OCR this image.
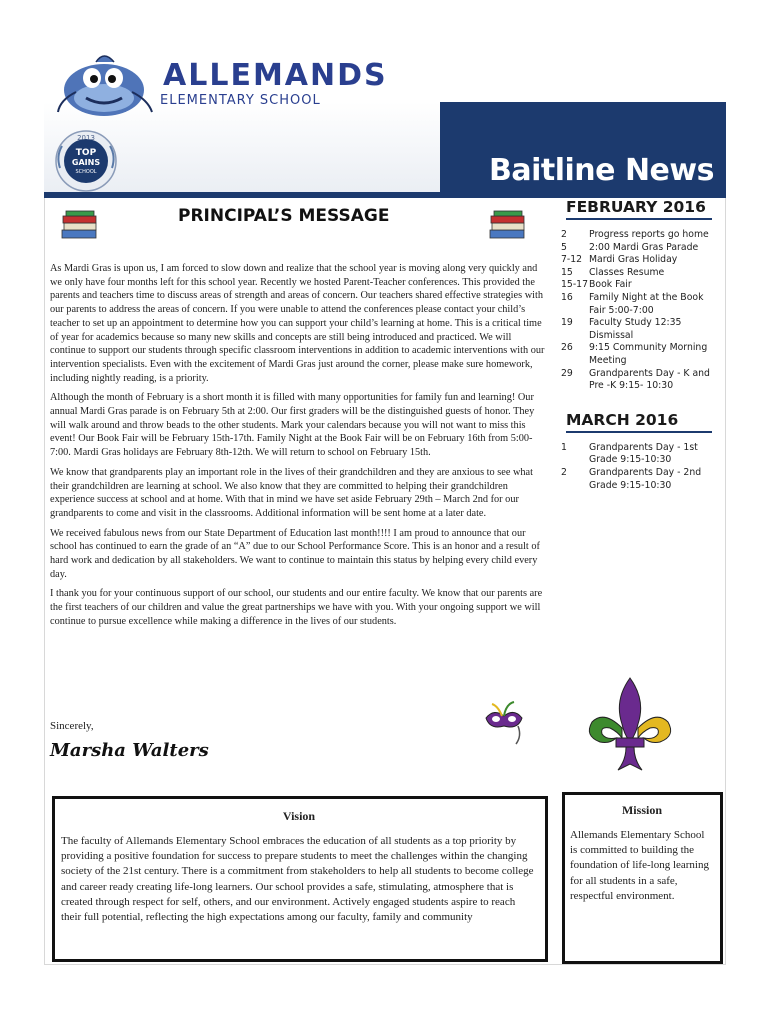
ALLEMANDS
ELEMENTARY SCHOOL
2013
TOP
GAINS
SCHOOL	Baitline News
PRINCIPAL’S MESSAGE

As Mardi Gras is upon us, I am forced to slow down and realize that the school year is moving along very quickly and we only have four months left for this school year. Recently we hosted Parent-Teacher conferences. This provided the parents and teachers time to discuss areas of strength and areas of concern. Our teachers shared effective strategies with our parents to address the areas of concern. If you were unable to attend the conferences please contact your child’s teacher to set up an appointment to determine how you can support your child’s learning at home. This is a critical time of year for academics because so many new skills and concepts are still being introduced and practiced. We will continue to support our students through specific classroom interventions in addition to academic interventions with our intervention specialists. Even with the excitement of Mardi Gras just around the corner, please make sure homework, including nightly reading, is a priority.

Although the month of February is a short month it is filled with many opportunities for family fun and learning! Our annual Mardi Gras parade is on February 5th at 2:00. Our first graders will be the distinguished guests of honor. They will walk around and throw beads to the other students. Mark your calendars because you will not want to miss this event! Our Book Fair will be February 15th-17th. Family Night at the Book Fair will be on February 16th from 5:00-7:00. Mardi Gras holidays are February 8th-12th. We will return to school on February 15th.

We know that grandparents play an important role in the lives of their grandchildren and they are anxious to see what their grandchildren are learning at school. We also know that they are committed to helping their grandchildren experience success at school and at home. With that in mind we have set aside February 29th – March 2nd for our grandparents to come and visit in the classrooms. Additional information will be sent home at a later date.

We received fabulous news from our State Department of Education last month!!!! I am proud to announce that our school has continued to earn the grade of an “A” due to our School Performance Score. This is an honor and a result of hard work and dedication by all stakeholders. We want to continue to maintain this status by helping every child every day.

I thank you for your continuous support of our school, our students and our entire faculty. We know that our parents are the first teachers of our children and value the great partnerships we have with you. With your ongoing support we will continue to pursue excellence while making a difference in the lives of our students.

Sincerely,
Marsha Walters
FEBRUARY 2016
2	Progress reports go home
5	2:00 Mardi Gras Parade
7-12 Mardi Gras Holiday
15	Classes Resume
15-17 Book Fair
16	Family Night at the Book Fair 5:00-7:00
19	Faculty Study 12:35 Dismissal
26	9:15 Community Morning Meeting
29	Grandparents Day - K and Pre -K 9:15- 10:30
MARCH 2016
1	Grandparents Day - 1st Grade 9:15-10:30
2	Grandparents Day - 2nd Grade 9:15-10:30
Vision
The faculty of Allemands Elementary School embraces the education of all students as a top priority by providing a positive foundation for success to prepare students to meet the challenges within the changing society of the 21st century. There is a commitment from stakeholders to help all students to become college and career ready creating life-long learners. Our school provides a safe, stimulating, atmosphere that is created through respect for self, others, and our environment. Actively engaged students aspire to reach their full potential, reflecting the high expectations among our faculty, family and community
Mission
Allemands Elementary School is committed to building the foundation of life-long learning for all students in a safe, respectful environment.
